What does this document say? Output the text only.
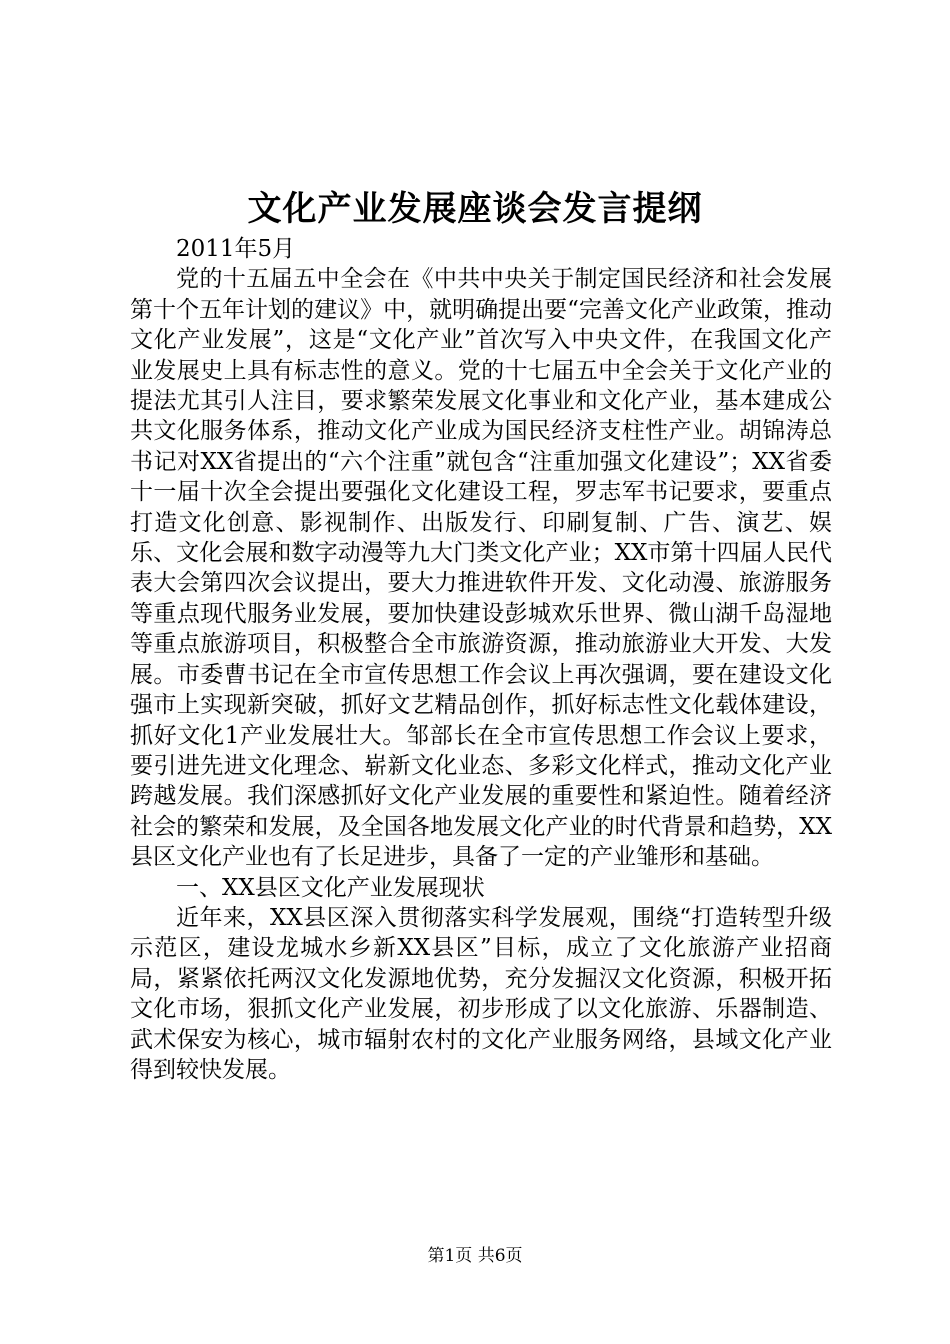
文化产业发展座谈会发言提纲
2011年5月

党的十五届五中全会在《中共中央关于制定国民经济和社会发展第十个五年计划的建议》中，就明确提出要“完善文化产业政策，推动文化产业发展”，这是“文化产业”首次写入中央文件，在我国文化产业发展史上具有标志性的意义。党的十七届五中全会关于文化产业的提法尤其引人注目，要求繁荣发展文化事业和文化产业，基本建成公共文化服务体系，推动文化产业成为国民经济支柱性产业。胡锦涛总书记对XX省提出的“六个注重”就包含“注重加强文化建设”；XX省委十一届十次全会提出要强化文化建设工程，罗志军书记要求，要重点打造文化创意、影视制作、出版发行、印刷复制、广告、演艺、娱乐、文化会展和数字动漫等九大门类文化产业；XX市第十四届人民代表大会第四次会议提出，要大力推进软件开发、文化动漫、旅游服务等重点现代服务业发展，要加快建设彭城欢乐世界、微山湖千岛湿地等重点旅游项目，积极整合全市旅游资源，推动旅游业大开发、大发展。市委曹书记在全市宣传思想工作会议上再次强调，要在建设文化强市上实现新突破，抓好文艺精品创作，抓好标志性文化载体建设，抓好文化1产业发展壮大。邹部长在全市宣传思想工作会议上要求，要引进先进文化理念、崭新文化业态、多彩文化样式，推动文化产业跨越发展。我们深感抓好文化产业发展的重要性和紧迫性。随着经济社会的繁荣和发展，及全国各地发展文化产业的时代背景和趋势，XX县区文化产业也有了长足进步，具备了一定的产业雏形和基础。

一、XX县区文化产业发展现状

近年来，XX县区深入贯彻落实科学发展观，围绕“打造转型升级示范区，建设龙城水乡新XX县区”目标，成立了文化旅游产业招商局，紧紧依托两汉文化发源地优势，充分发掘汉文化资源，积极开拓文化市场，狠抓文化产业发展，初步形成了以文化旅游、乐器制造、武术保安为核心，城市辐射农村的文化产业服务网络，县域文化产业得到较快发展。

第1页 共6页
